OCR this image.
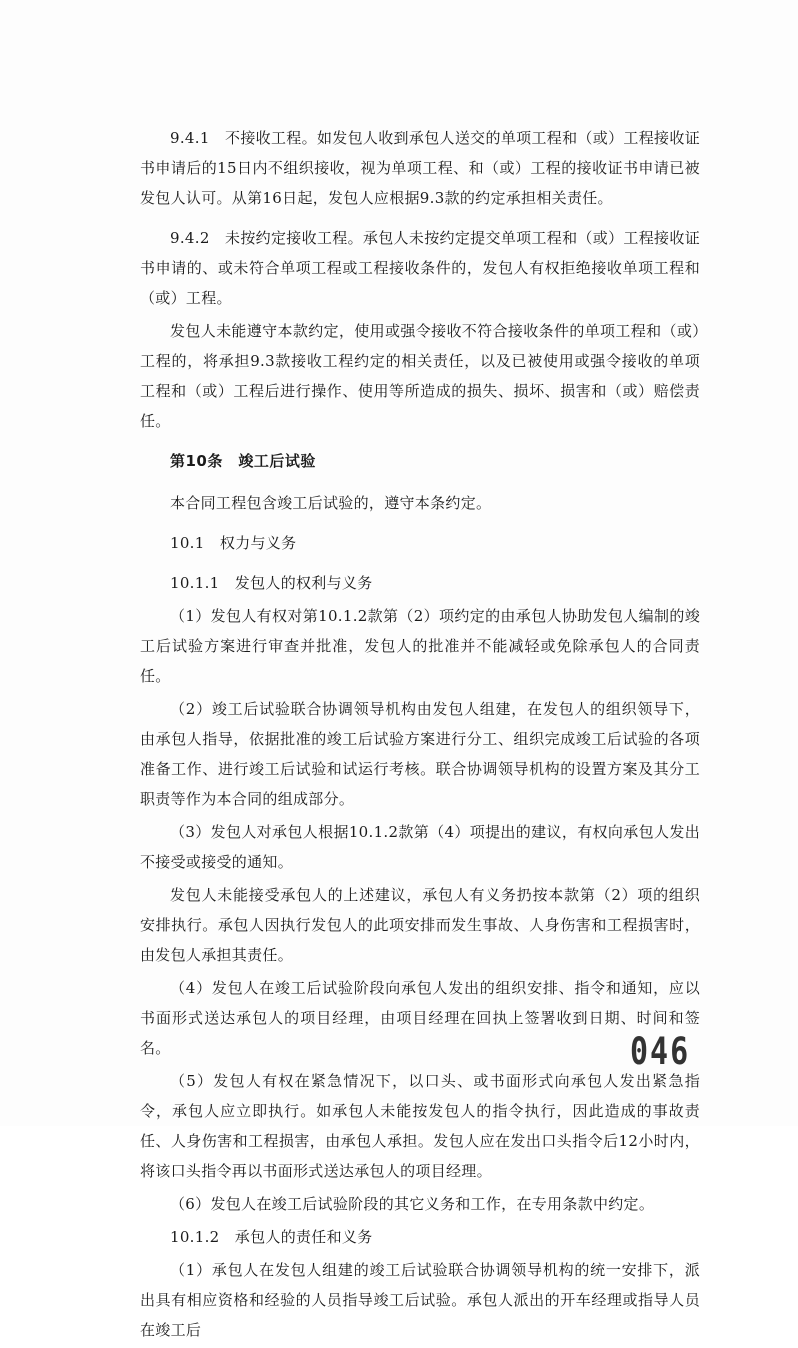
9.4.1　不接收工程。如发包人收到承包人送交的单项工程和（或）工程接收证书申请后的15日内不组织接收，视为单项工程、和（或）工程的接收证书申请已被发包人认可。从第16日起，发包人应根据9.3款的约定承担相关责任。

9.4.2　未按约定接收工程。承包人未按约定提交单项工程和（或）工程接收证书申请的、或未符合单项工程或工程接收条件的，发包人有权拒绝接收单项工程和（或）工程。

发包人未能遵守本款约定，使用或强令接收不符合接收条件的单项工程和（或）工程的，将承担9.3款接收工程约定的相关责任，以及已被使用或强令接收的单项工程和（或）工程后进行操作、使用等所造成的损失、损坏、损害和（或）赔偿责任。

第10条　竣工后试验

本合同工程包含竣工后试验的，遵守本条约定。

10.1　权力与义务

10.1.1　发包人的权利与义务

（1）发包人有权对第10.1.2款第（2）项约定的由承包人协助发包人编制的竣工后试验方案进行审查并批准，发包人的批准并不能减轻或免除承包人的合同责任。

（2）竣工后试验联合协调领导机构由发包人组建，在发包人的组织领导下，由承包人指导，依据批准的竣工后试验方案进行分工、组织完成竣工后试验的各项准备工作、进行竣工后试验和试运行考核。联合协调领导机构的设置方案及其分工职责等作为本合同的组成部分。

（3）发包人对承包人根据10.1.2款第（4）项提出的建议，有权向承包人发出不接受或接受的通知。

发包人未能接受承包人的上述建议，承包人有义务扔按本款第（2）项的组织安排执行。承包人因执行发包人的此项安排而发生事故、人身伤害和工程损害时，由发包人承担其责任。

（4）发包人在竣工后试验阶段向承包人发出的组织安排、指令和通知，应以书面形式送达承包人的项目经理，由项目经理在回执上签署收到日期、时间和签名。

（5）发包人有权在紧急情况下，以口头、或书面形式向承包人发出紧急指令，承包人应立即执行。如承包人未能按发包人的指令执行，因此造成的事故责任、人身伤害和工程损害，由承包人承担。发包人应在发出口头指令后12小时内，将该口头指令再以书面形式送达承包人的项目经理。

（6）发包人在竣工后试验阶段的其它义务和工作，在专用条款中约定。

10.1.2　承包人的责任和义务

（1）承包人在发包人组建的竣工后试验联合协调领导机构的统一安排下，派出具有相应资格和经验的人员指导竣工后试验。承包人派出的开车经理或指导人员在竣工后

046
